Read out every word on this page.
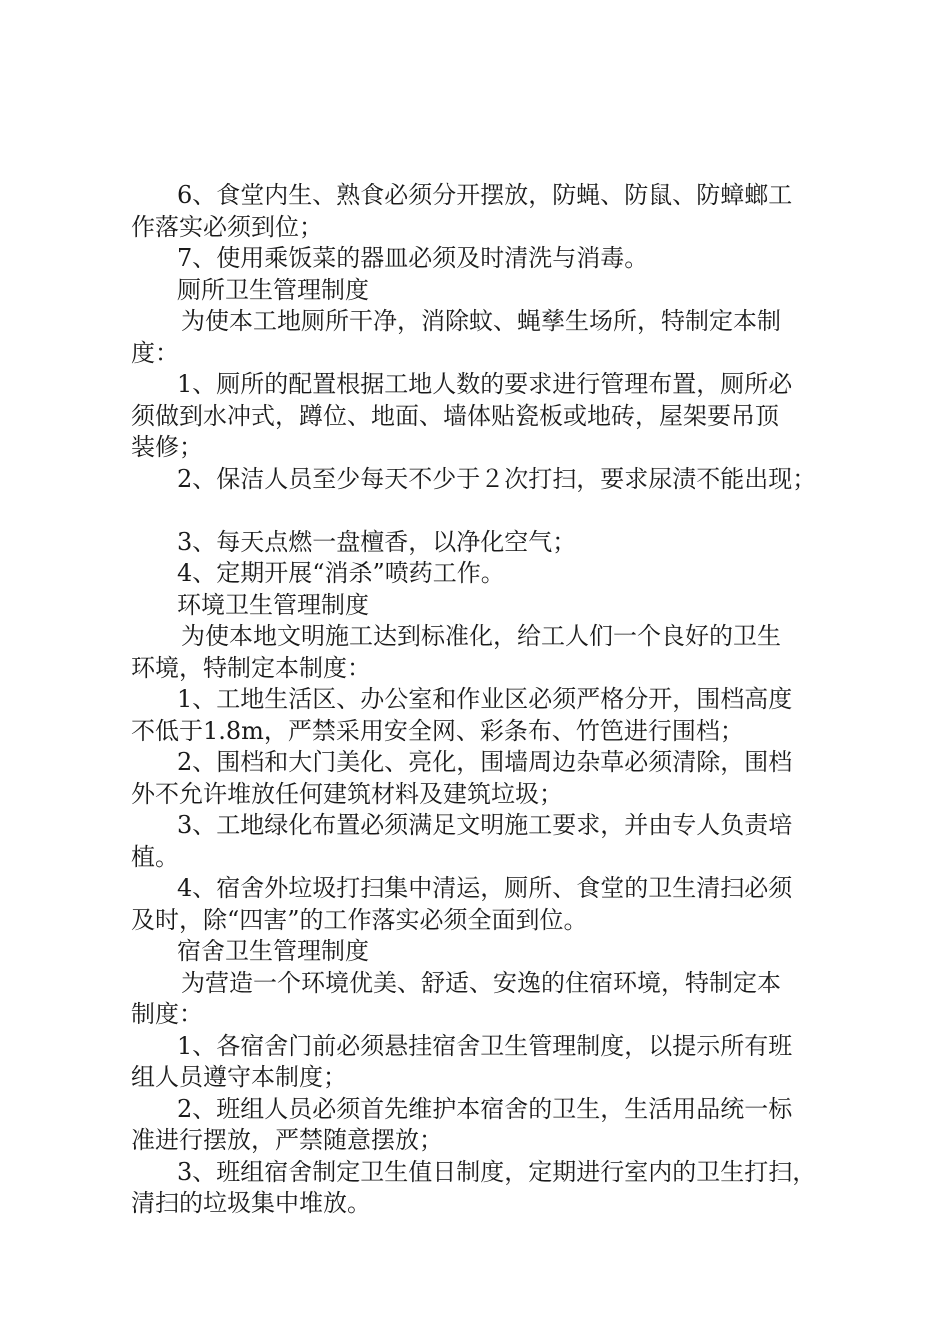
6、食堂内生、熟食必须分开摆放，防蝇、防鼠、防蟑螂工
作落实必须到位；
7、使用乘饭菜的器皿必须及时清洗与消毒。
厕所卫生管理制度
为使本工地厕所干净，消除蚊、蝇孳生场所，特制定本制
度：
1、厕所的配置根据工地人数的要求进行管理布置，厕所必
须做到水冲式，蹲位、地面、墙体贴瓷板或地砖，屋架要吊顶
装修；
2、保洁人员至少每天不少于２次打扫，要求尿渍不能出现；

3、每天点燃一盘檀香，以净化空气；
4、定期开展“消杀”喷药工作。
环境卫生管理制度
为使本地文明施工达到标准化，给工人们一个良好的卫生
环境，特制定本制度：
1、工地生活区、办公室和作业区必须严格分开，围档高度
不低于1.8m，严禁采用安全网、彩条布、竹笆进行围档；
2、围档和大门美化、亮化，围墙周边杂草必须清除，围档
外不允许堆放任何建筑材料及建筑垃圾；
3、工地绿化布置必须满足文明施工要求，并由专人负责培
植。
4、宿舍外垃圾打扫集中清运，厕所、食堂的卫生清扫必须
及时，除“四害”的工作落实必须全面到位。
宿舍卫生管理制度
为营造一个环境优美、舒适、安逸的住宿环境，特制定本
制度：
1、各宿舍门前必须悬挂宿舍卫生管理制度，以提示所有班
组人员遵守本制度；
2、班组人员必须首先维护本宿舍的卫生，生活用品统一标
准进行摆放，严禁随意摆放；
3、班组宿舍制定卫生值日制度，定期进行室内的卫生打扫，
清扫的垃圾集中堆放。
